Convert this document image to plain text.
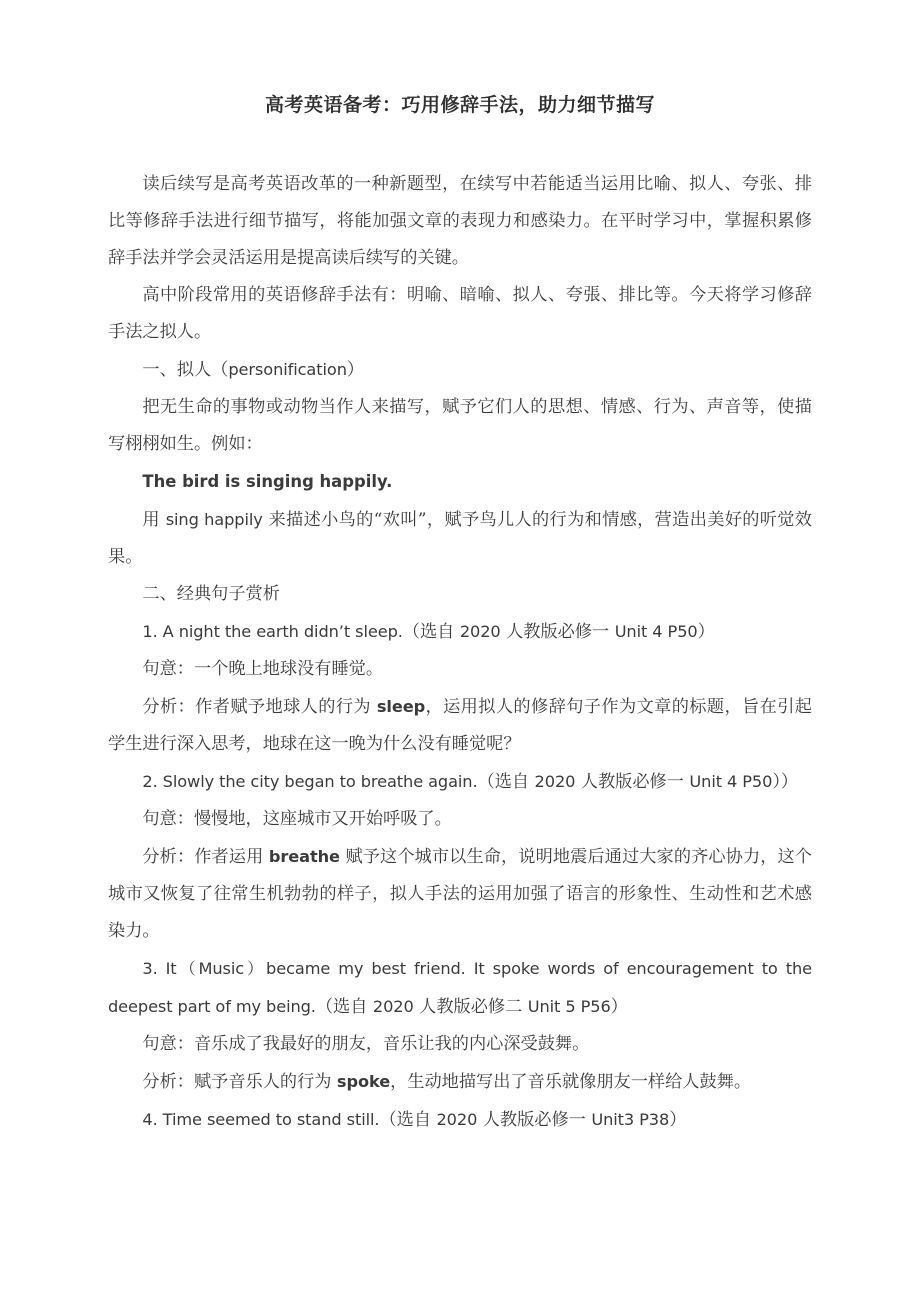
高考英语备考：巧用修辞手法，助力细节描写

读后续写是高考英语改革的一种新题型，在续写中若能适当运用比喻、拟人、夸张、排比等修辞手法进行细节描写，将能加强文章的表现力和感染力。在平时学习中，掌握积累修辞手法并学会灵活运用是提高读后续写的关键。

高中阶段常用的英语修辞手法有：明喻、暗喻、拟人、夸張、排比等。今天将学习修辞手法之拟人。

一、拟人（personification）

把无生命的事物或动物当作人来描写，赋予它们人的思想、情感、行为、声音等，使描写栩栩如生。例如：

The bird is singing happily.

用 sing happily 来描述小鸟的“欢叫”，赋予鸟儿人的行为和情感，营造出美好的听觉效果。

二、经典句子赏析

1. A night the earth didn’t sleep.（选自 2020 人教版必修一 Unit 4 P50）

句意：一个晚上地球没有睡觉。

分析：作者赋予地球人的行为 sleep，运用拟人的修辞句子作为文章的标题，旨在引起学生进行深入思考，地球在这一晚为什么没有睡觉呢？

2. Slowly the city began to breathe again.（选自 2020 人教版必修一 Unit 4 P50））

句意：慢慢地，这座城市又开始呼吸了。

分析：作者运用 breathe 赋予这个城市以生命，说明地震后通过大家的齐心协力，这个城市又恢复了往常生机勃勃的样子，拟人手法的运用加强了语言的形象性、生动性和艺术感染力。

3. It（Music）became my best friend. It spoke words of encouragement to the deepest part of my being.（选自 2020 人教版必修二 Unit 5 P56）

句意：音乐成了我最好的朋友，音乐让我的内心深受鼓舞。

分析：赋予音乐人的行为 spoke，生动地描写出了音乐就像朋友一样给人鼓舞。

4. Time seemed to stand still.（选自 2020 人教版必修一 Unit3 P38）
